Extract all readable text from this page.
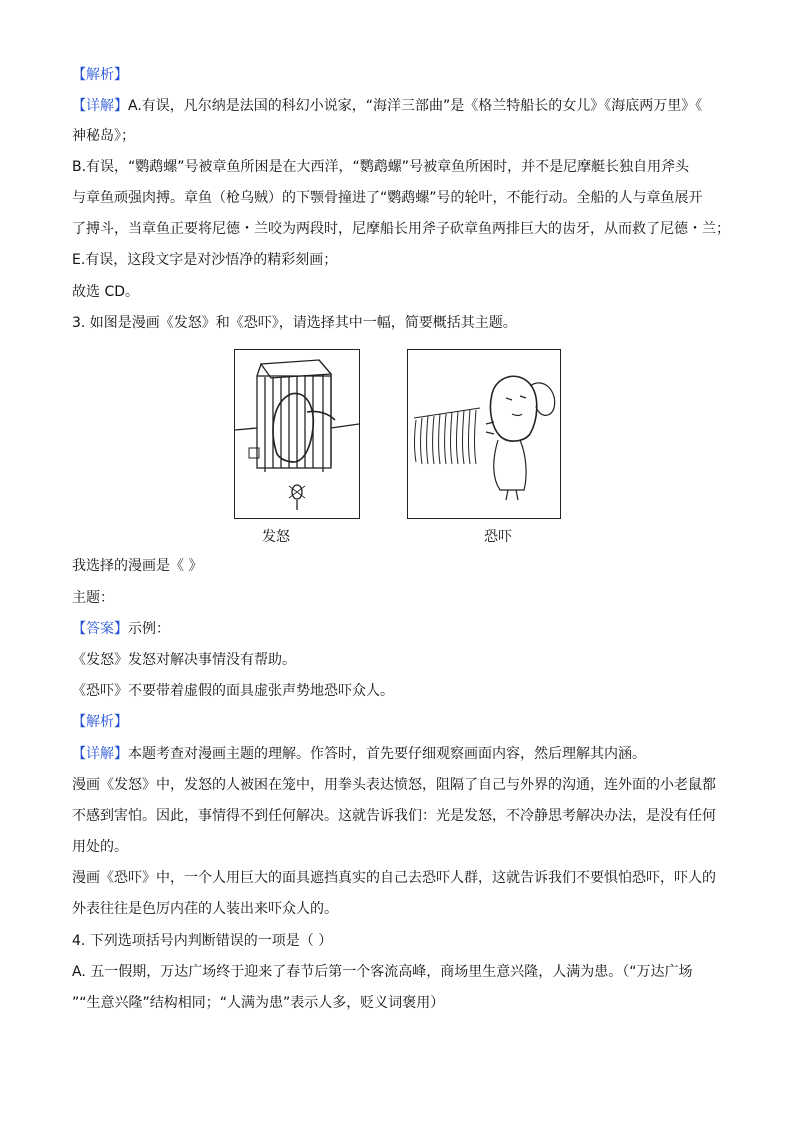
【解析】
【详解】A.有误，凡尔纳是法国的科幻小说家，“海洋三部曲”是《格兰特船长的女儿》《海底两万里》《
神秘岛》；
B.有误，“鹦鹉螺”号被章鱼所困是在大西洋，“鹦鹉螺”号被章鱼所困时，并不是尼摩艇长独自用斧头
与章鱼顽强肉搏。章鱼（枪乌贼）的下颚骨撞进了“鹦鹉螺”号的轮叶，不能行动。全船的人与章鱼展开
了搏斗，当章鱼正要将尼德・兰咬为两段时，尼摩船长用斧子砍章鱼两排巨大的齿牙，从而救了尼德・兰；
E.有误，这段文字是对沙悟净的精彩刻画；
故选 CD。
3. 如图是漫画《发怒》和《恐吓》，请选择其中一幅，简要概括其主题。
发怒	恐吓
我选择的漫画是《 》
主题：
【答案】示例：
《发怒》发怒对解决事情没有帮助。
《恐吓》不要带着虚假的面具虚张声势地恐吓众人。
【解析】
【详解】本题考查对漫画主题的理解。作答时，首先要仔细观察画面内容，然后理解其内涵。
漫画《发怒》中，发怒的人被困在笼中，用拳头表达愤怒，阻隔了自己与外界的沟通，连外面的小老鼠都
不感到害怕。因此，事情得不到任何解决。这就告诉我们：光是发怒，不冷静思考解决办法，是没有任何
用处的。
漫画《恐吓》中，一个人用巨大的面具遮挡真实的自己去恐吓人群，这就告诉我们不要惧怕恐吓，吓人的
外表往往是色厉内荏的人装出来吓众人的。
4. 下列选项括号内判断错误的一项是（ ）
A. 五一假期，万达广场终于迎来了春节后第一个客流高峰，商场里生意兴隆，人满为患。（“万达广场
”“生意兴隆”结构相同；“人满为患”表示人多，贬义词褒用）
